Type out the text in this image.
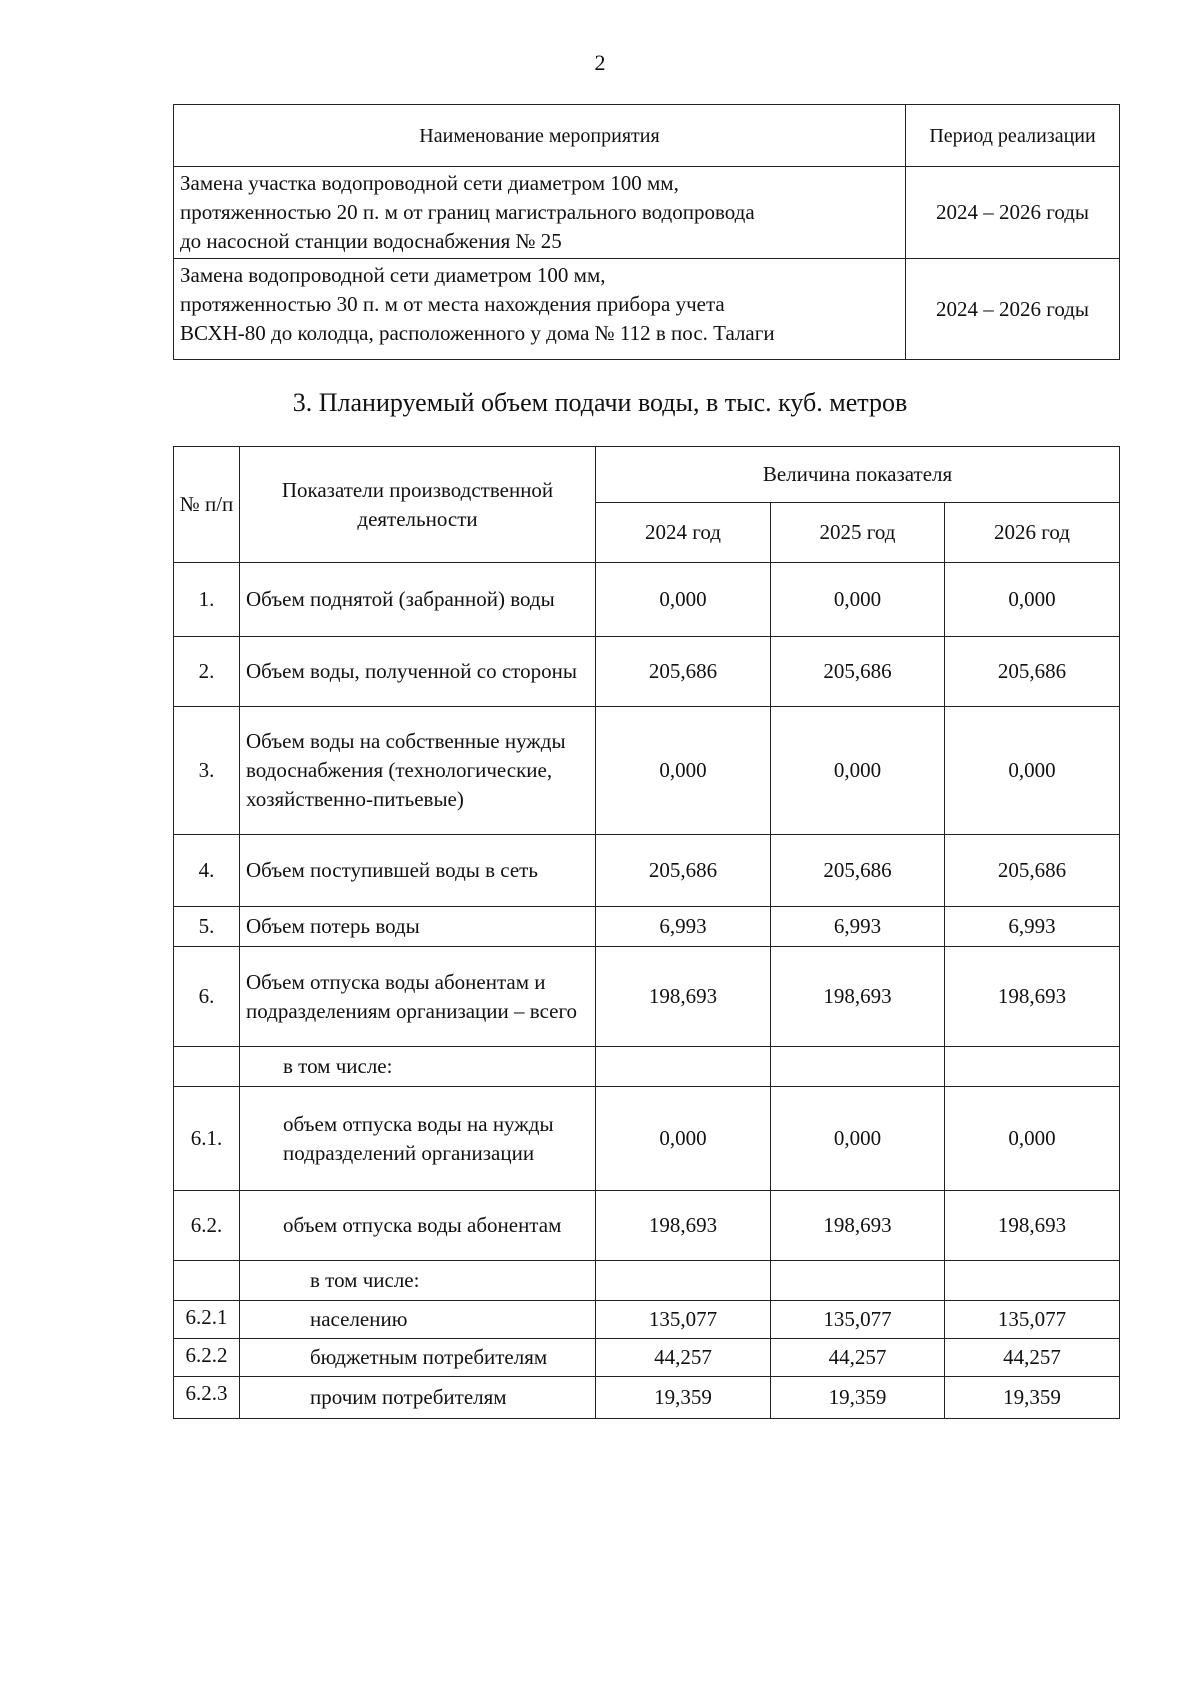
2
Наименование мероприятия	Период реализации

Замена участка водопроводной сети диаметром 100 мм,
протяженностью 20 п. м от границ магистрального водопровода
до насосной станции водоснабжения № 25	2024 – 2026 годы

Замена водопроводной сети диаметром 100 мм,
протяженностью 30 п. м от места нахождения прибора учета
ВСХН-80 до колодца, расположенного у дома № 112 в пос. Талаги	2024 – 2026 годы
3. Планируемый объем подачи воды, в тыс. куб. метров
№ п/п	Показатели производственной деятельности	Величина показателя		
		2024 год	2025 год	2026 год
1.	Объем поднятой (забранной) воды	0,000	0,000	0,000
2.	Объем воды, полученной со стороны	205,686	205,686	205,686
3.	Объем воды на собственные нужды водоснабжения (технологические, хозяйственно-питьевые)	0,000	0,000	0,000
4.	Объем поступившей воды в сеть	205,686	205,686	205,686
5.	Объем потерь воды	6,993	6,993	6,993
6.	Объем отпуска воды абонентам и подразделениям организации – всего	198,693	198,693	198,693
	в том числе:			
6.1.	объем отпуска воды на нужды подразделений организации	0,000	0,000	0,000
6.2.	объем отпуска воды абонентам	198,693	198,693	198,693
	в том числе:			
6.2.1	населению	135,077	135,077	135,077
6.2.2	бюджетным потребителям	44,257	44,257	44,257
6.2.3	прочим потребителям	19,359	19,359	19,359
